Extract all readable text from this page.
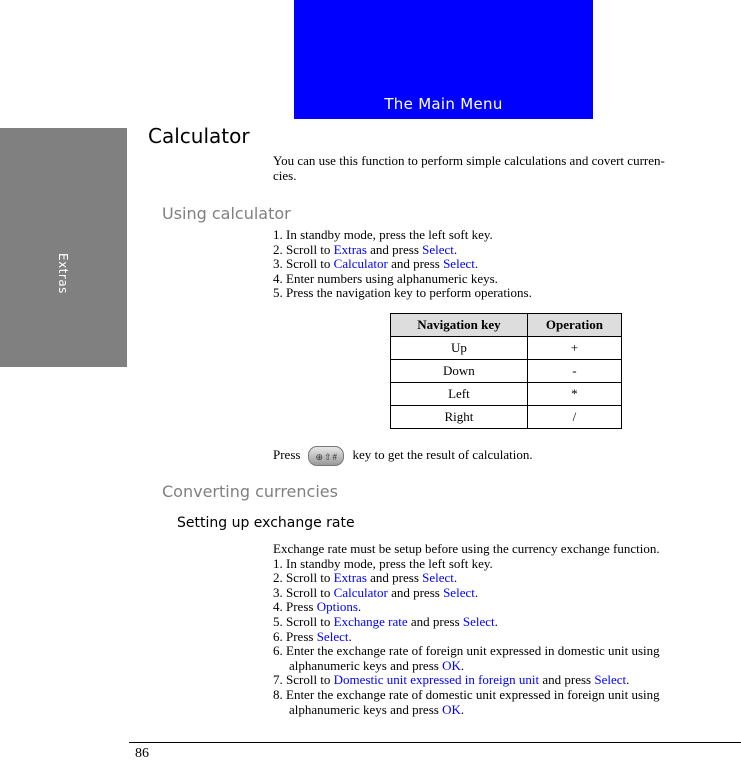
The Main Menu
Extras
Calculator
You can use this function to perform simple calculations and covert curren-
cies.
Using calculator
1. In standby mode, press the left soft key.
2. Scroll to Extras and press Select.
3. Scroll to Calculator and press Select.
4. Enter numbers using alphanumeric keys.
5. Press the navigation key to perform operations.
Navigation key	Operation
Up	+
Down	-
Left	*
Right	/
Press ⊕⇧# key to get the result of calculation.
Converting currencies
Setting up exchange rate
Exchange rate must be setup before using the currency exchange function.
1. In standby mode, press the left soft key.
2. Scroll to Extras and press Select.
3. Scroll to Calculator and press Select.
4. Press Options.
5. Scroll to Exchange rate and press Select.
6. Press Select.
6. Enter the exchange rate of foreign unit expressed in domestic unit using
alphanumeric keys and press OK.
7. Scroll to Domestic unit expressed in foreign unit and press Select.
8. Enter the exchange rate of domestic unit expressed in foreign unit using
alphanumeric keys and press OK.
86
